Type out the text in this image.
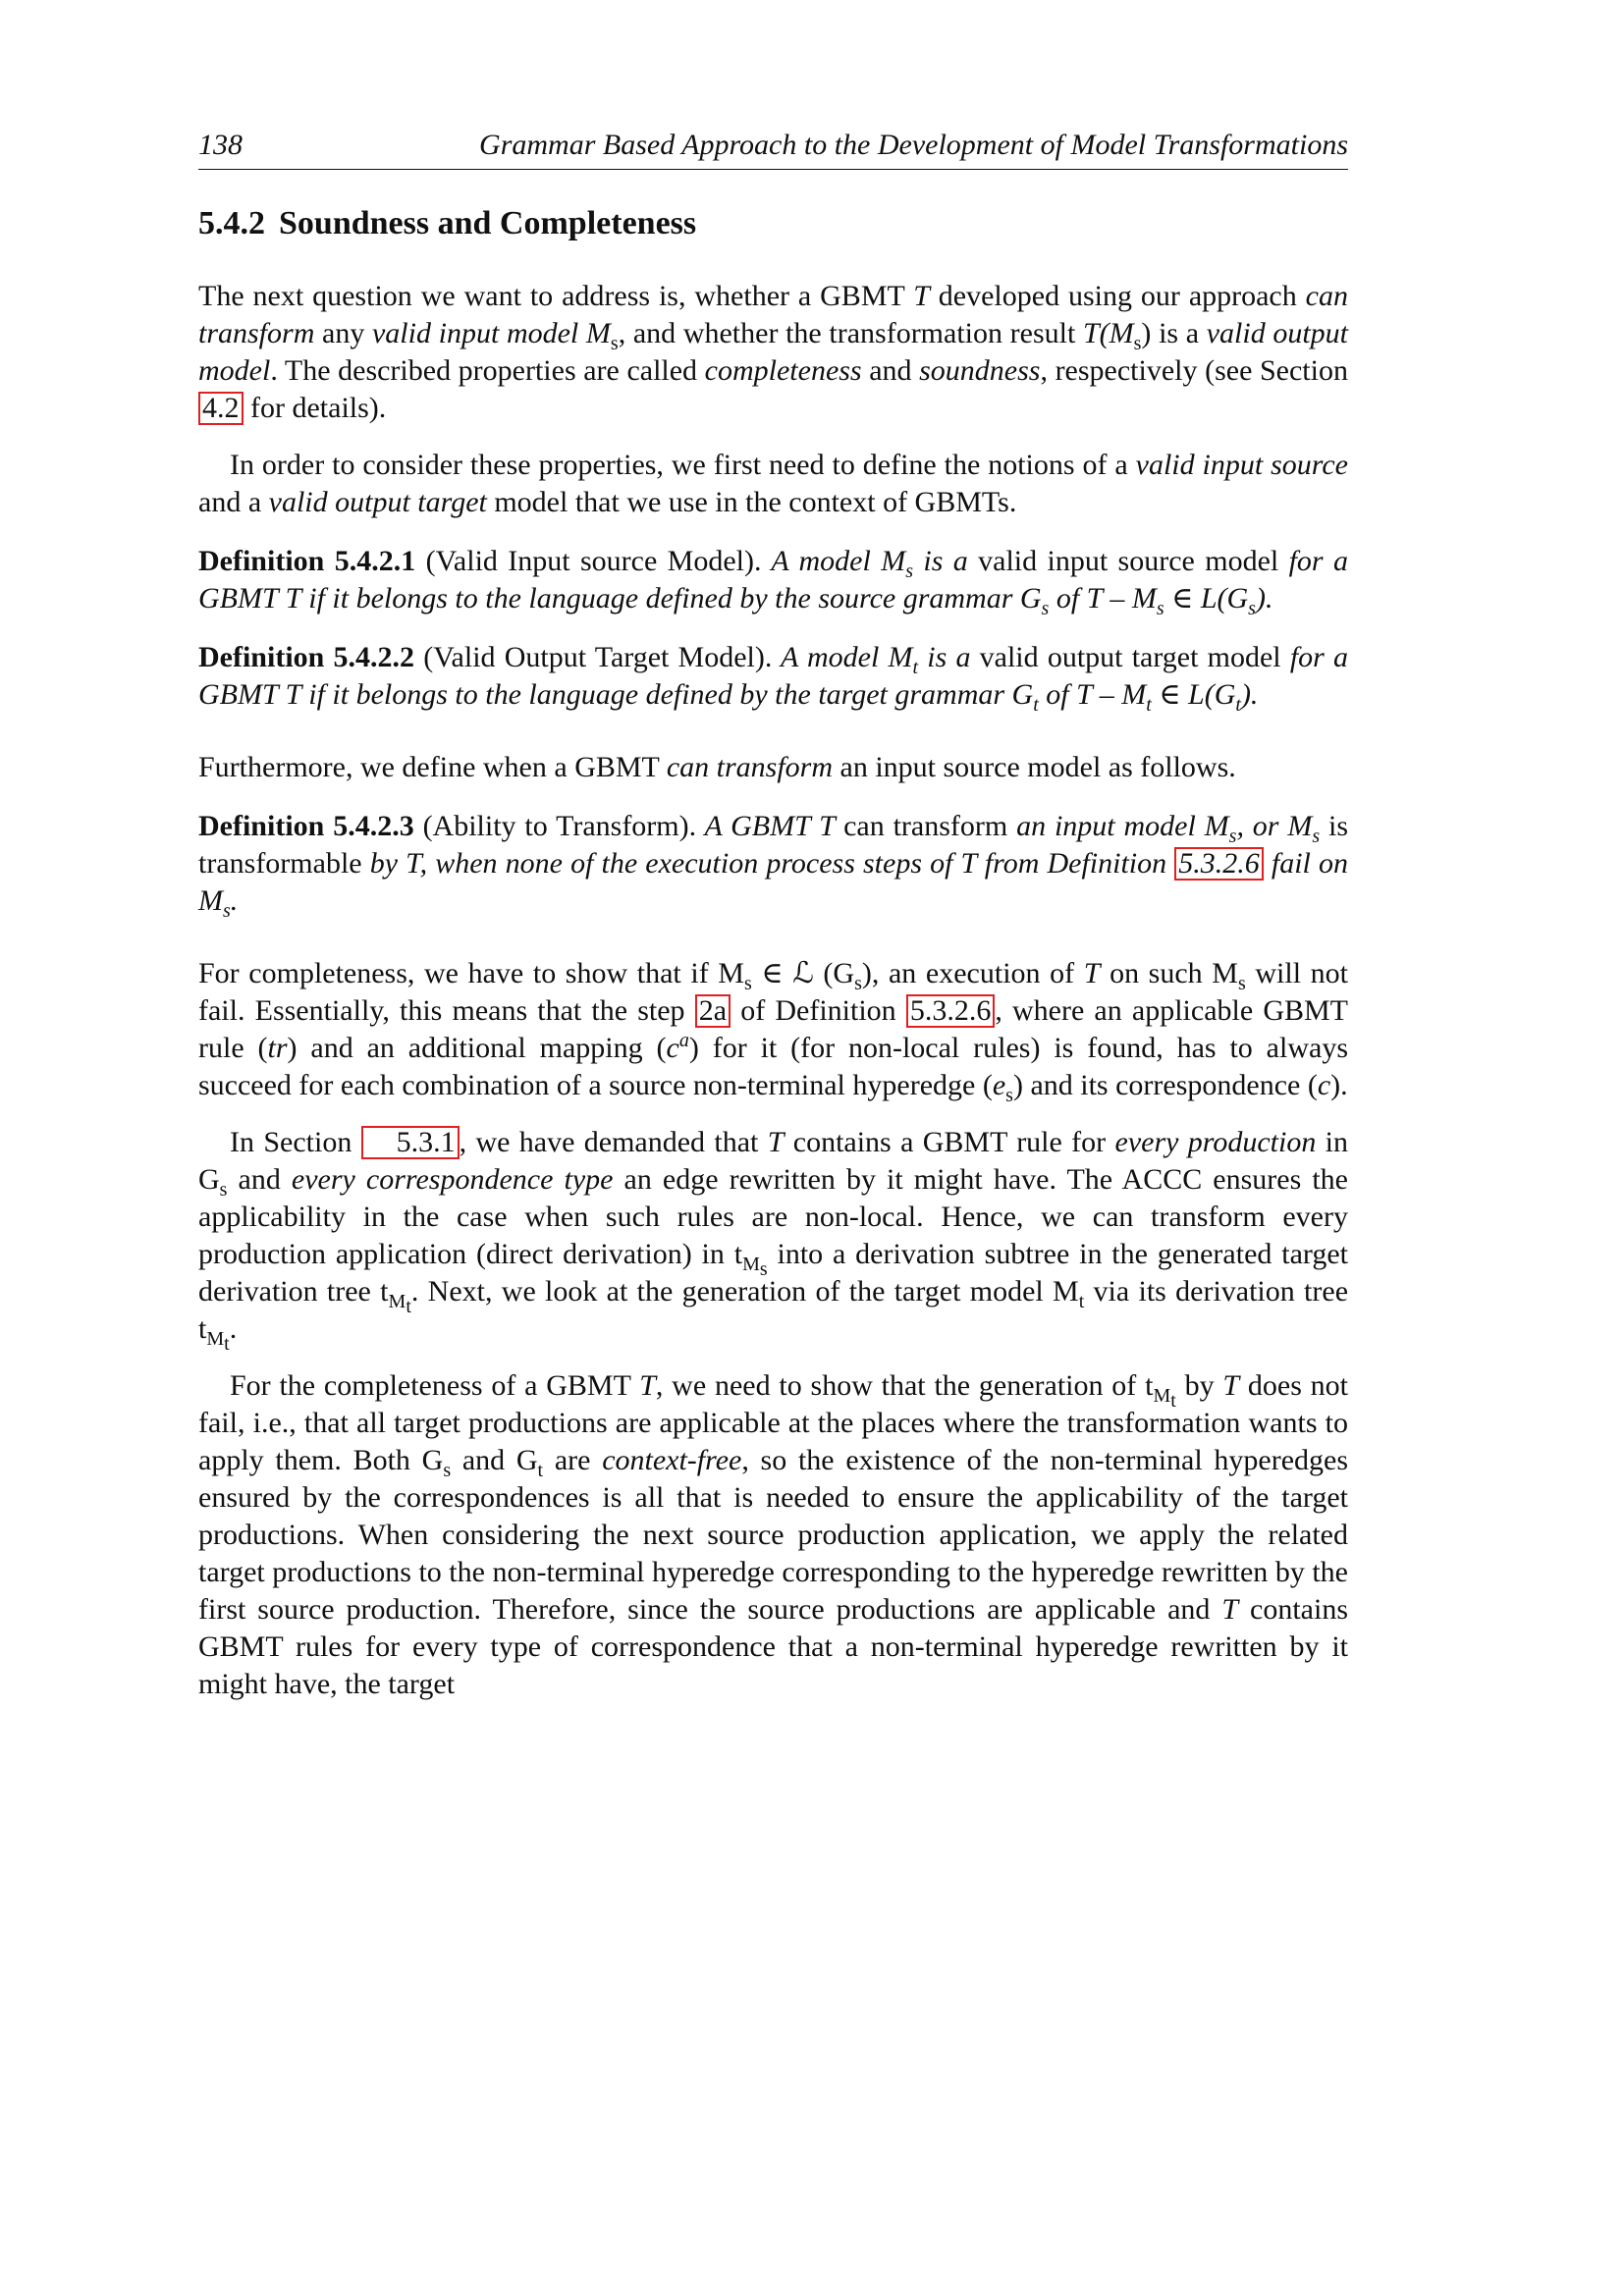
138	Grammar Based Approach to the Development of Model Transformations
5.4.2 Soundness and Completeness

The next question we want to address is, whether a GBMT T developed using our approach can transform any valid input model $M_s$, and whether the transformation result $T(M_s)$ is a valid output model. The described properties are called completeness and soundness, respectively (see Section 4.2 for details).

In order to consider these properties, we first need to define the notions of a valid input source and a valid output target model that we use in the context of GBMTs.

Definition 5.4.2.1 (Valid Input source Model). A model $M_s$ is a valid input source model for a GBMT T if it belongs to the language defined by the source grammar $G_s$ of T – $M_s$ ∈ $L(G_s)$.

Definition 5.4.2.2 (Valid Output Target Model). A model $M_t$ is a valid output target model for a GBMT T if it belongs to the language defined by the target grammar $G_t$ of T – $M_t$ ∈ $L(G_t)$.

Furthermore, we define when a GBMT can transform an input source model as follows.

Definition 5.4.2.3 (Ability to Transform). A GBMT T can transform an input model $M_s$, or $M_s$ is transformable by T, when none of the execution process steps of T from Definition 5.3.2.6 fail on $M_s$.

For completeness, we have to show that if $M_s$ ∈ ℒ $(G_s)$, an execution of T on such $M_s$ will not fail. Essentially, this means that the step 2a of Definition 5.3.2.6 , where an applicable GBMT rule (tr) and an additional mapping $(c^a)$ for it (for non-local rules) is found, has to always succeed for each combination of a source non-terminal hyperedge $(e_s)$ and its correspondence (c).

In Section 5.3.1 , we have demanded that T contains a GBMT rule for every production in $G_s$ and every correspondence type an edge rewritten by it might have. The ACCC ensures the applicability in the case when such rules are non-local. Hence, we can transform every production application (direct derivation) in $t_{M_s}$ into a derivation subtree in the generated target derivation tree $t_{M_t}$. Next, we look at the generation of the target model $M_t$ via its derivation tree $t_{M_t}$.

For the completeness of a GBMT T, we need to show that the generation of $t_{M_t}$ by T does not fail, i.e., that all target productions are applicable at the places where the transformation wants to apply them. Both $G_s$ and $G_t$ are context-free, so the existence of the non-terminal hyperedges ensured by the correspondences is all that is needed to ensure the applicability of the target productions. When considering the next source production application, we apply the related target productions to the non-terminal hyperedge corresponding to the hyperedge rewritten by the first source production. Therefore, since the source productions are applicable and T contains GBMT rules for every type of correspondence that a non-terminal hyperedge rewritten by it might have, the target
